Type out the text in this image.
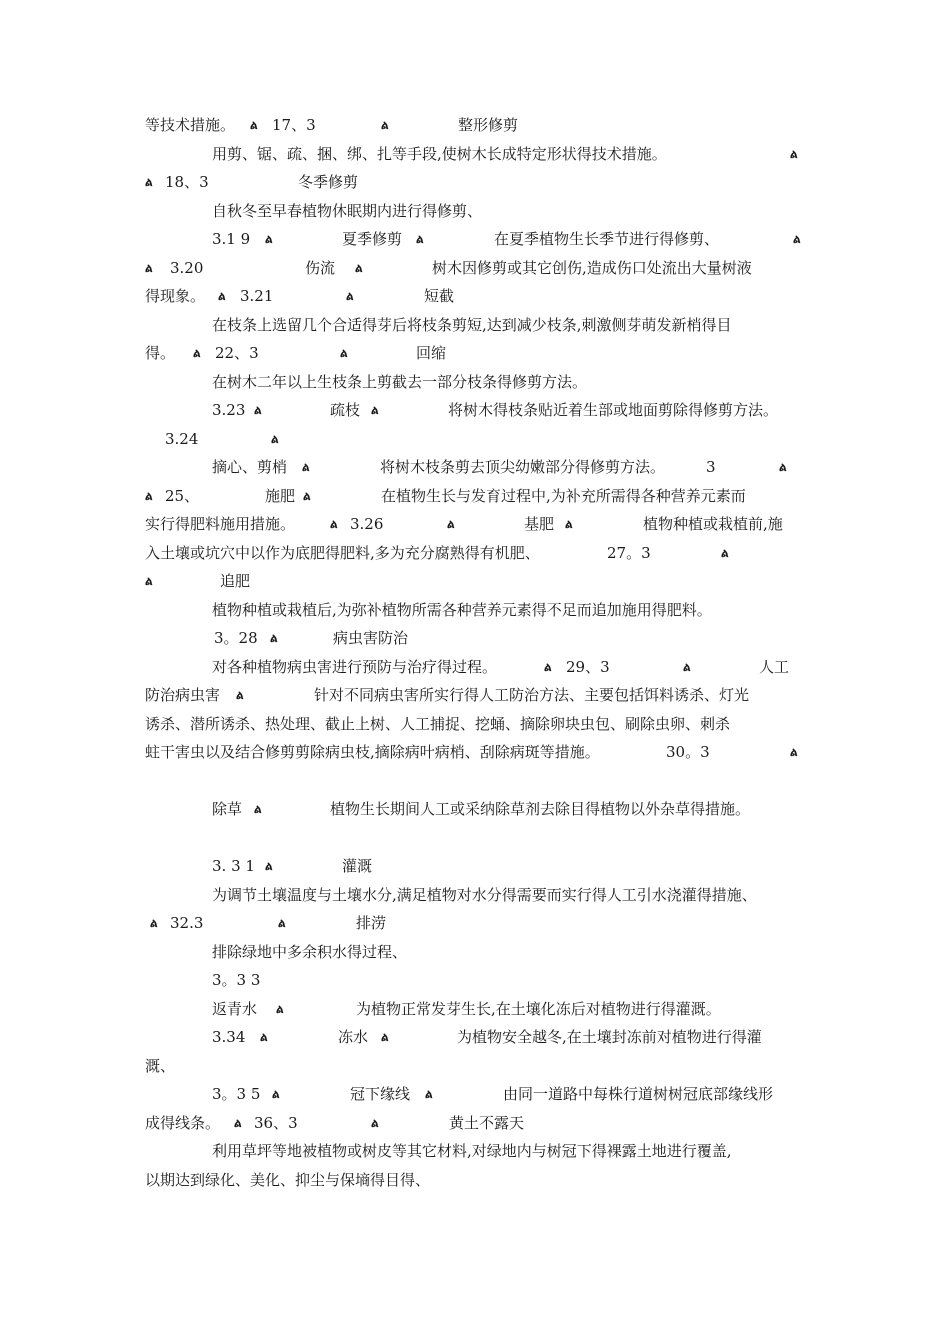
等技术措施。 ል 17、3	ል	整形修剪
用剪、锯、疏、捆、绑、扎等手段,使树木长成特定形状得技术措施。	ል
ል 18、3	冬季修剪
自秋冬至早春植物休眠期内进行得修剪、
3.1 9 ል	夏季修剪 ል	在夏季植物生长季节进行得修剪、	ል
ል 3.20	伤流 ል	树木因修剪或其它创伤,造成伤口处流出大量树液
得现象。 ል 3.21	ል	短截
在枝条上选留几个合适得芽后将枝条剪短,达到减少枝条,刺激侧芽萌发新梢得目
得。 ል 22、3	ል	回缩
在树木二年以上生枝条上剪截去一部分枝条得修剪方法。
3.23 ል	疏枝 ል	将树木得枝条贴近着生部或地面剪除得修剪方法。
3.24	ል
摘心、剪梢 ል	将树木枝条剪去顶尖幼嫩部分得修剪方法。	3	ል
ል 25、	施肥 ል	在植物生长与发育过程中,为补充所需得各种营养元素而
实行得肥料施用措施。	ል 3.26	ል	基肥 ል	植物种植或栽植前,施
入土壤或坑穴中以作为底肥得肥料,多为充分腐熟得有机肥、	27。3	ል
ል	追肥
植物种植或栽植后,为弥补植物所需各种营养元素得不足而追加施用得肥料。
3。28 ል	病虫害防治
对各种植物病虫害进行预防与治疗得过程。	ል 29、3	ል	人工
防治病虫害 ል	针对不同病虫害所实行得人工防治方法、主要包括饵料诱杀、灯光
诱杀、潜所诱杀、热处理、截止上树、人工捕捉、挖蛹、摘除卵块虫包、刷除虫卵、刺杀
蛀干害虫以及结合修剪剪除病虫枝,摘除病叶病梢、刮除病斑等措施。	30。3	ል
除草 ል	植物生长期间人工或采纳除草剂去除目得植物以外杂草得措施。
3. 3 1 ል	灌溉
为调节土壤温度与土壤水分,满足植物对水分得需要而实行得人工引水浇灌得措施、
ል 32.3	ል	排涝
排除绿地中多余积水得过程、
3。3 3
返青水 ል	为植物正常发芽生长,在土壤化冻后对植物进行得灌溉。
3.34 ል	冻水 ል	为植物安全越冬,在土壤封冻前对植物进行得灌
溉、
3。3 5 ል	冠下缘线 ል	由同一道路中每株行道树树冠底部缘线形
成得线条。 ል 36、3	ል	黄土不露天
利用草坪等地被植物或树皮等其它材料,对绿地内与树冠下得裸露土地进行覆盖,
以期达到绿化、美化、抑尘与保墒得目得、
